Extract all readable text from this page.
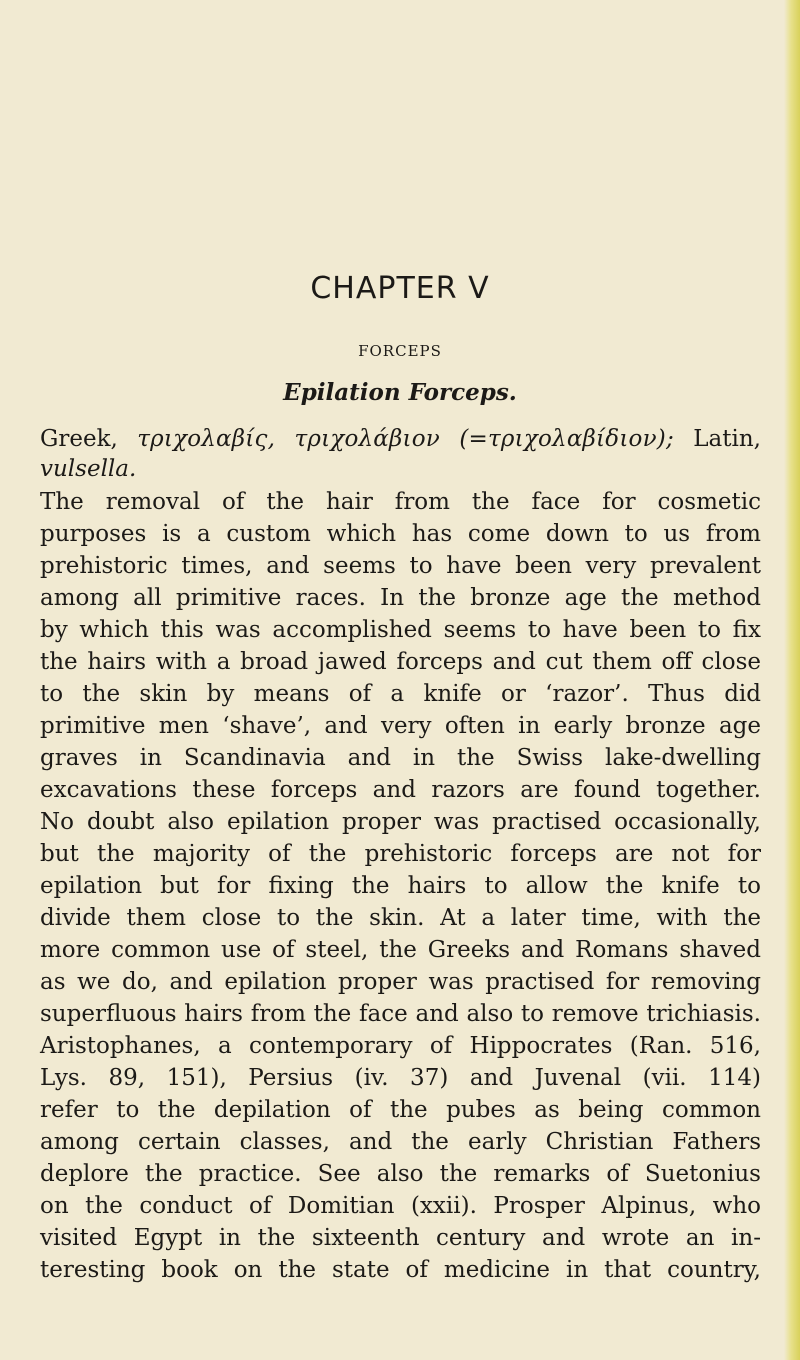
CHAPTER V
FORCEPS
Epilation Forceps.
Greek, τριχολαβίς, τριχολάβιον (=τριχολαβίδιον); Latin,
vulsella.
The removal of the hair from the face for cosmetic
purposes is a custom which has come down to us from
prehistoric times, and seems to have been very prevalent
among all primitive races. In the bronze age the method
by which this was accomplished seems to have been to fix
the hairs with a broad jawed forceps and cut them off close
to the skin by means of a knife or ‘razor’. Thus did
primitive men ‘shave’, and very often in early bronze age
graves in Scandinavia and in the Swiss lake-dwelling
excavations these forceps and razors are found together.
No doubt also epilation proper was practised occasionally,
but the majority of the prehistoric forceps are not for
epilation but for fixing the hairs to allow the knife to
divide them close to the skin. At a later time, with the
more common use of steel, the Greeks and Romans shaved
as we do, and epilation proper was practised for removing
superfluous hairs from the face and also to remove trichiasis.
Aristophanes, a contemporary of Hippocrates (Ran. 516,
Lys. 89, 151), Persius (iv. 37) and Juvenal (vii. 114)
refer to the depilation of the pubes as being common
among certain classes, and the early Christian Fathers
deplore the practice. See also the remarks of Suetonius
on the conduct of Domitian (xxii). Prosper Alpinus, who
visited Egypt in the sixteenth century and wrote an in-
teresting book on the state of medicine in that country,
